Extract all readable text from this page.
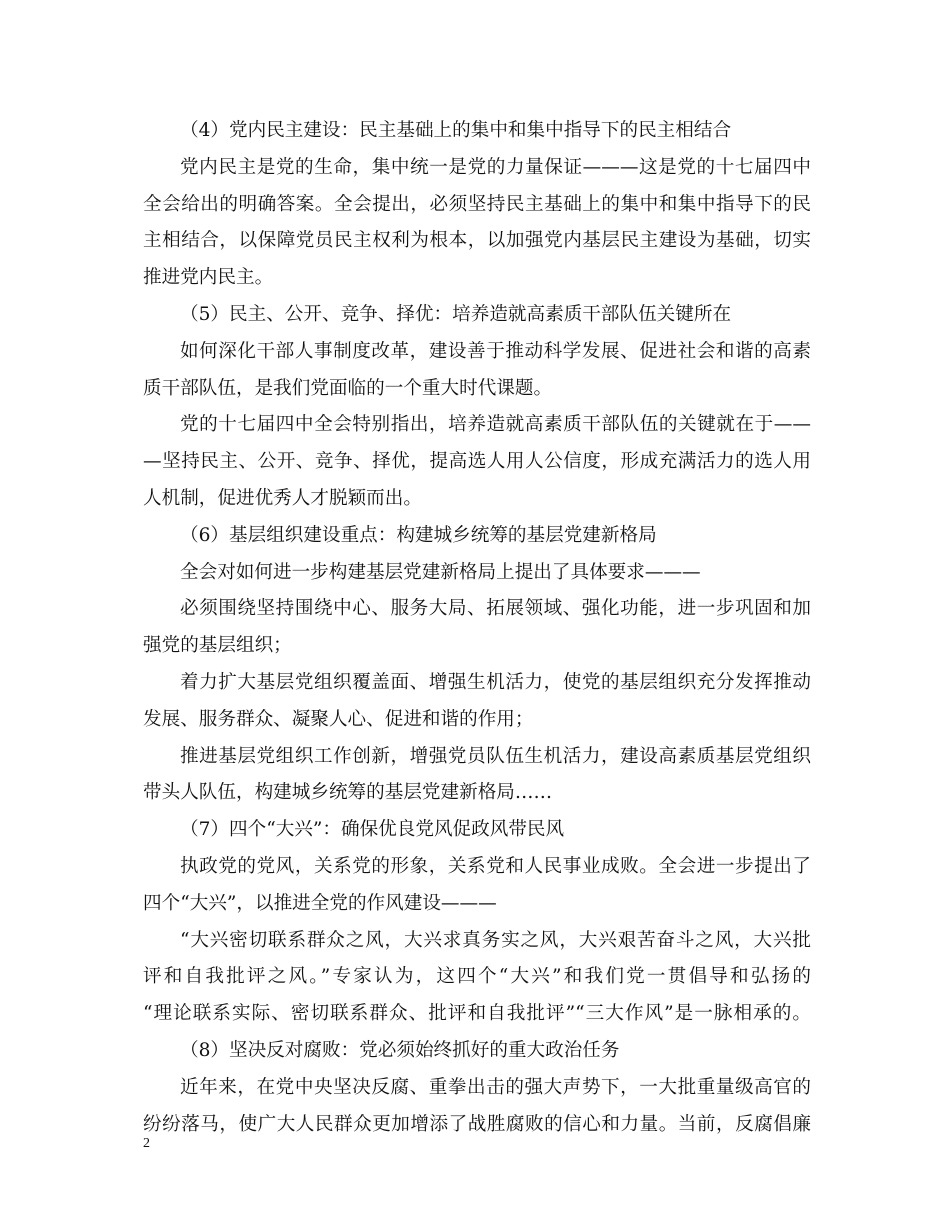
（4）党内民主建设：民主基础上的集中和集中指导下的民主相结合
党内民主是党的生命，集中统一是党的力量保证———这是党的十七届四中
全会给出的明确答案。全会提出，必须坚持民主基础上的集中和集中指导下的民
主相结合，以保障党员民主权利为根本，以加强党内基层民主建设为基础，切实
推进党内民主。
（5）民主、公开、竞争、择优：培养造就高素质干部队伍关键所在
如何深化干部人事制度改革，建设善于推动科学发展、促进社会和谐的高素
质干部队伍，是我们党面临的一个重大时代课题。
党的十七届四中全会特别指出，培养造就高素质干部队伍的关键就在于——
—坚持民主、公开、竞争、择优，提高选人用人公信度，形成充满活力的选人用
人机制，促进优秀人才脱颖而出。
（6）基层组织建设重点：构建城乡统筹的基层党建新格局
全会对如何进一步构建基层党建新格局上提出了具体要求———
必须围绕坚持围绕中心、服务大局、拓展领域、强化功能，进一步巩固和加
强党的基层组织；
着力扩大基层党组织覆盖面、增强生机活力，使党的基层组织充分发挥推动
发展、服务群众、凝聚人心、促进和谐的作用；
推进基层党组织工作创新，增强党员队伍生机活力，建设高素质基层党组织
带头人队伍，构建城乡统筹的基层党建新格局……
（7）四个“大兴”：确保优良党风促政风带民风
执政党的党风，关系党的形象，关系党和人民事业成败。全会进一步提出了
四个“大兴”，以推进全党的作风建设———
“大兴密切联系群众之风，大兴求真务实之风，大兴艰苦奋斗之风，大兴批
评和自我批评之风。”专家认为，这四个“大兴”和我们党一贯倡导和弘扬的
“理论联系实际、密切联系群众、批评和自我批评”“三大作风”是一脉相承的。
（8）坚决反对腐败：党必须始终抓好的重大政治任务
近年来，在党中央坚决反腐、重拳出击的强大声势下，一大批重量级高官的
纷纷落马，使广大人民群众更加增添了战胜腐败的信心和力量。当前，反腐倡廉
2
